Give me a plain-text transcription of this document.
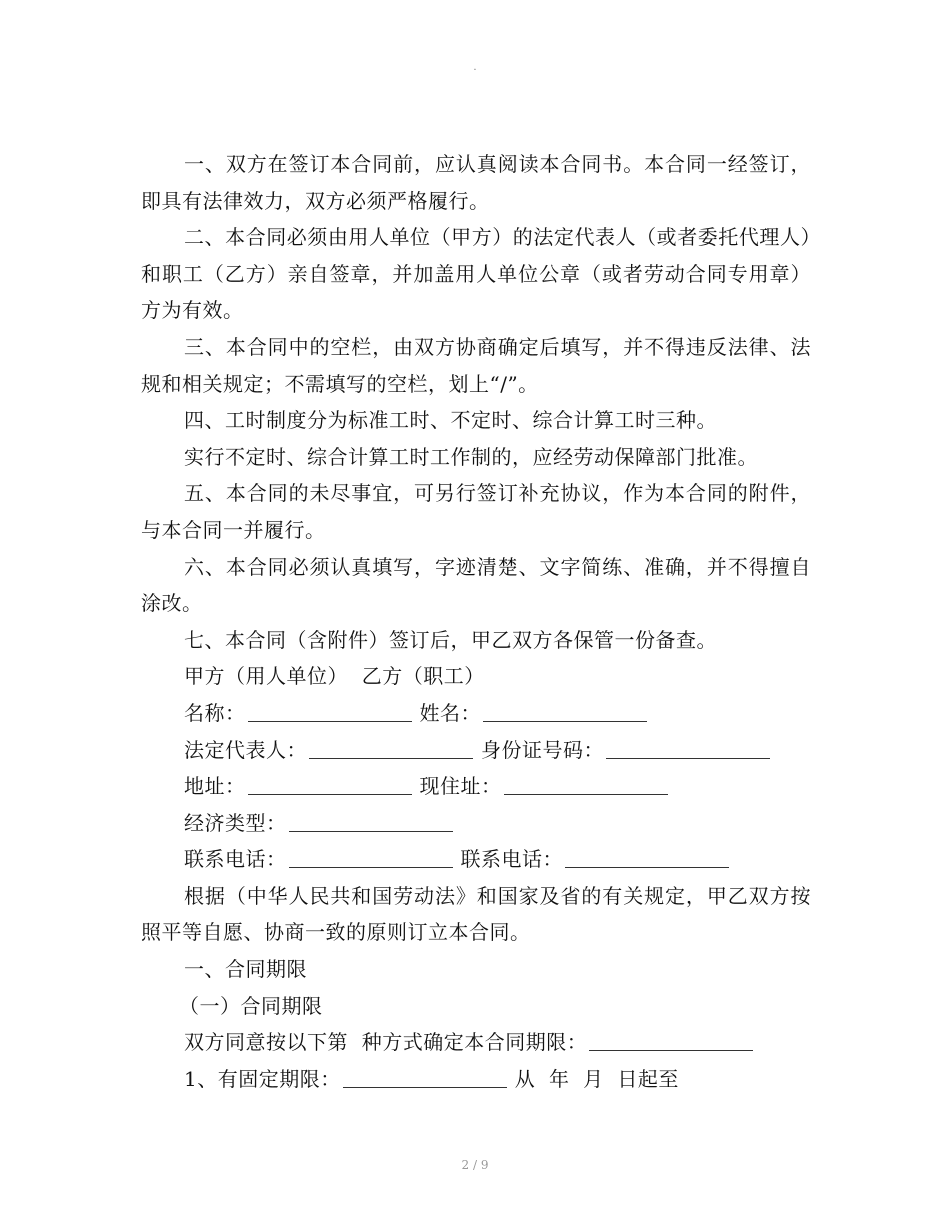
.

一、双方在签订本合同前，应认真阅读本合同书。本合同一经签订，即具有法律效力，双方必须严格履行。

二、本合同必须由用人单位（甲方）的法定代表人（或者委托代理人）和职工（乙方）亲自签章，并加盖用人单位公章（或者劳动合同专用章）方为有效。

三、本合同中的空栏，由双方协商确定后填写，并不得违反法律、法规和相关规定；不需填写的空栏，划上“/”。

四、工时制度分为标准工时、不定时、综合计算工时三种。

实行不定时、综合计算工时工作制的，应经劳动保障部门批准。

五、本合同的未尽事宜，可另行签订补充协议，作为本合同的附件，与本合同一并履行。

六、本合同必须认真填写，字迹清楚、文字简练、准确，并不得擅自涂改。

七、本合同（含附件）签订后，甲乙双方各保管一份备查。

甲方（用人单位） 乙方（职工）

名称：	姓名：

法定代表人：	身份证号码：

地址：	现住址：

经济类型：

联系电话：	联系电话：

根据（中华人民共和国劳动法》和国家及省的有关规定，甲乙双方按照平等自愿、协商一致的原则订立本合同。

一、合同期限

（一）合同期限

双方同意按以下第  种方式确定本合同期限：

1、有固定期限：	从  年  月  日起至

2 / 9
